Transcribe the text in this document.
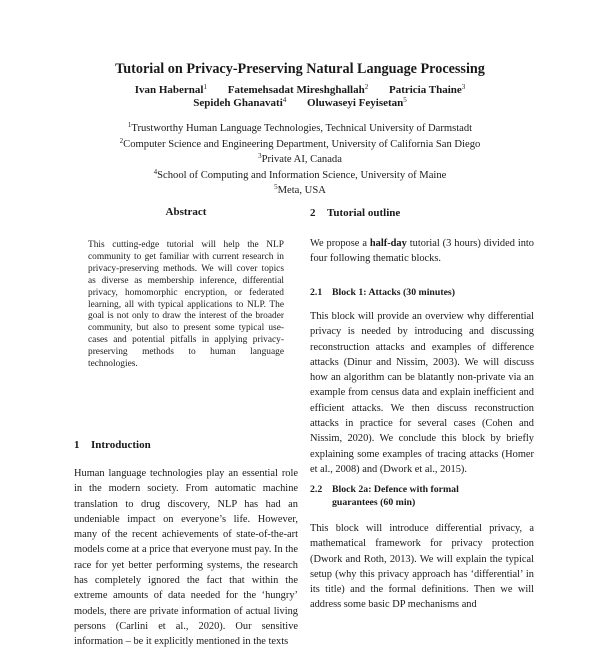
Tutorial on Privacy-Preserving Natural Language Processing
Ivan Habernal$^1$ Fatemehsadat Mireshghallah$^2$ Patricia Thaine$^3$
Sepideh Ghanavati$^4$ Oluwaseyi Feyisetan$^5$
$^1$Trustworthy Human Language Technologies, Technical University of Darmstadt
$^2$Computer Science and Engineering Department, University of California San Diego
$^3$Private AI, Canada
$^4$School of Computing and Information Science, University of Maine
$^5$Meta, USA
Abstract
This cutting-edge tutorial will help the NLP community to get familiar with current research in privacy-preserving methods. We will cover topics as diverse as membership inference, differential privacy, homomorphic encryption, or federated learning, all with typical applications to NLP. The goal is not only to draw the interest of the broader community, but also to present some typical use-cases and potential pitfalls in applying privacy-preserving methods to human language technologies.
1 Introduction
Human language technologies play an essential role in the modern society. From automatic machine translation to drug discovery, NLP has had an undeniable impact on everyone’s life. However, many of the recent achievements of state-of-the-art models come at a price that everyone must pay. In the race for yet better performing systems, the research has completely ignored the fact that within the extreme amounts of data needed for the ‘hungry’ models, there are private information of actual living persons (Carlini et al., 2020). Our sensitive information – be it explicitly mentioned in the texts
2 Tutorial outline
We propose a half-day tutorial (3 hours) divided into four following thematic blocks.
2.1 Block 1: Attacks (30 minutes)
This block will provide an overview why differential privacy is needed by introducing and discussing reconstruction attacks and examples of difference attacks (Dinur and Nissim, 2003). We will discuss how an algorithm can be blatantly non-private via an example from census data and explain inefficient and efficient attacks. We then discuss reconstruction attacks in practice for several cases (Cohen and Nissim, 2020). We conclude this block by briefly explaining some examples of tracing attacks (Homer et al., 2008) and (Dwork et al., 2015).
2.2 Block 2a: Defence with formal
guarantees (60 min)
This block will introduce differential privacy, a mathematical framework for privacy protection (Dwork and Roth, 2013). We will explain the typical setup (why this privacy approach has ‘differential’ in its title) and the formal definitions. Then we will address some basic DP mechanisms and
